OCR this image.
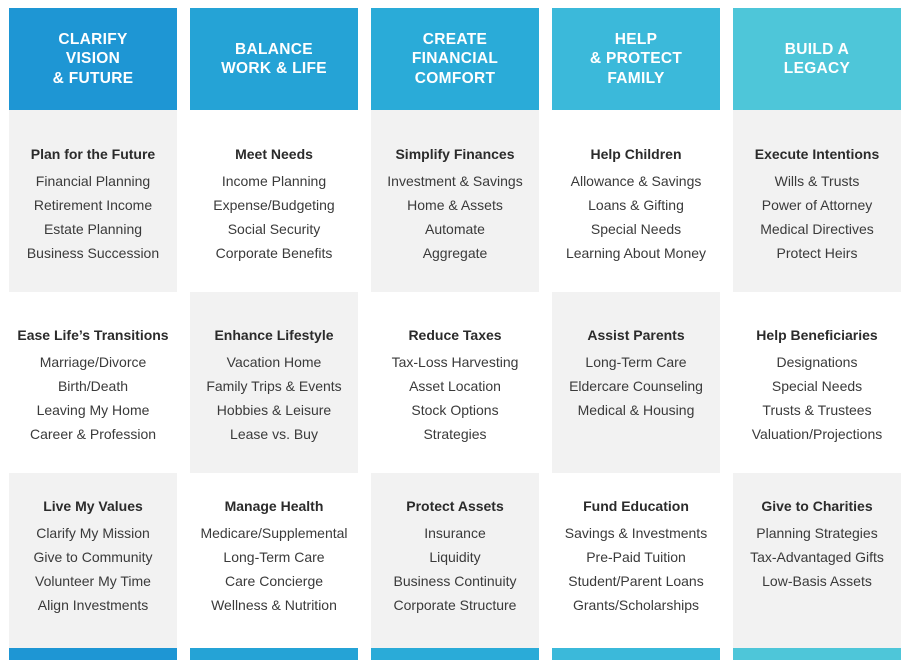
CLARIFY
VISION
& FUTURE
Plan for the Future
Financial Planning
Retirement Income
Estate Planning
Business Succession
Ease Life’s Transitions
Marriage/Divorce
Birth/Death
Leaving My Home
Career & Profession
Live My Values
Clarify My Mission
Give to Community
Volunteer My Time
Align Investments
BALANCE
WORK & LIFE
Meet Needs
Income Planning
Expense/Budgeting
Social Security
Corporate Benefits
Enhance Lifestyle
Vacation Home
Family Trips & Events
Hobbies & Leisure
Lease vs. Buy
Manage Health
Medicare/Supplemental
Long-Term Care
Care Concierge
Wellness & Nutrition
CREATE
FINANCIAL
COMFORT
Simplify Finances
Investment & Savings
Home & Assets
Automate
Aggregate
Reduce Taxes
Tax-Loss Harvesting
Asset Location
Stock Options
Strategies
Protect Assets
Insurance
Liquidity
Business Continuity
Corporate Structure
HELP
& PROTECT
FAMILY
Help Children
Allowance & Savings
Loans & Gifting
Special Needs
Learning About Money
Assist Parents
Long-Term Care
Eldercare Counseling
Medical & Housing
Fund Education
Savings & Investments
Pre-Paid Tuition
Student/Parent Loans
Grants/Scholarships
BUILD A
LEGACY
Execute Intentions
Wills & Trusts
Power of Attorney
Medical Directives
Protect Heirs
Help Beneficiaries
Designations
Special Needs
Trusts & Trustees
Valuation/Projections
Give to Charities
Planning Strategies
Tax-Advantaged Gifts
Low-Basis Assets
